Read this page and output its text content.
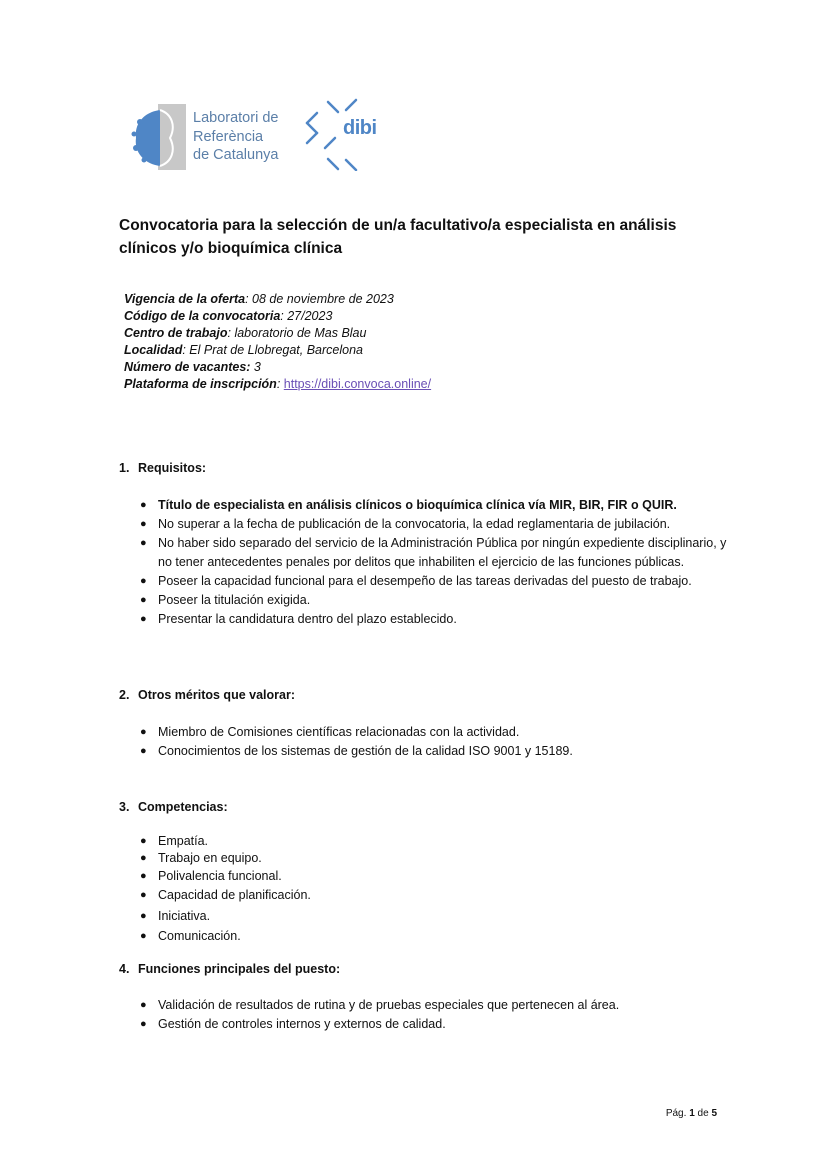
Laboratori de
Referència
de Catalunya
dibi
Convocatoria para la selección de un/a facultativo/a especialista en análisis clínicos y/o bioquímica clínica
Vigencia de la oferta: 08 de noviembre de 2023
Código de la convocatoria: 27/2023
Centro de trabajo: laboratorio de Mas Blau
Localidad: El Prat de Llobregat, Barcelona
Número de vacantes: 3
Plataforma de inscripción: https://dibi.convoca.online/
1. Requisitos:
● Título de especialista en análisis clínicos o bioquímica clínica vía MIR, BIR, FIR o QUIR.
● No superar a la fecha de publicación de la convocatoria, la edad reglamentaria de jubilación.
● No haber sido separado del servicio de la Administración Pública por ningún expediente disciplinario, y no tener antecedentes penales por delitos que inhabiliten el ejercicio de las funciones públicas.
● Poseer la capacidad funcional para el desempeño de las tareas derivadas del puesto de trabajo.
● Poseer la titulación exigida.
● Presentar la candidatura dentro del plazo establecido.
2. Otros méritos que valorar:
● Miembro de Comisiones científicas relacionadas con la actividad.
● Conocimientos de los sistemas de gestión de la calidad ISO 9001 y 15189.
3. Competencias:
● Empatía.
● Trabajo en equipo.
● Polivalencia funcional.
● Capacidad de planificación.
● Iniciativa.
● Comunicación.
4. Funciones principales del puesto:
● Validación de resultados de rutina y de pruebas especiales que pertenecen al área.
● Gestión de controles internos y externos de calidad.
Pág. 1 de 5
